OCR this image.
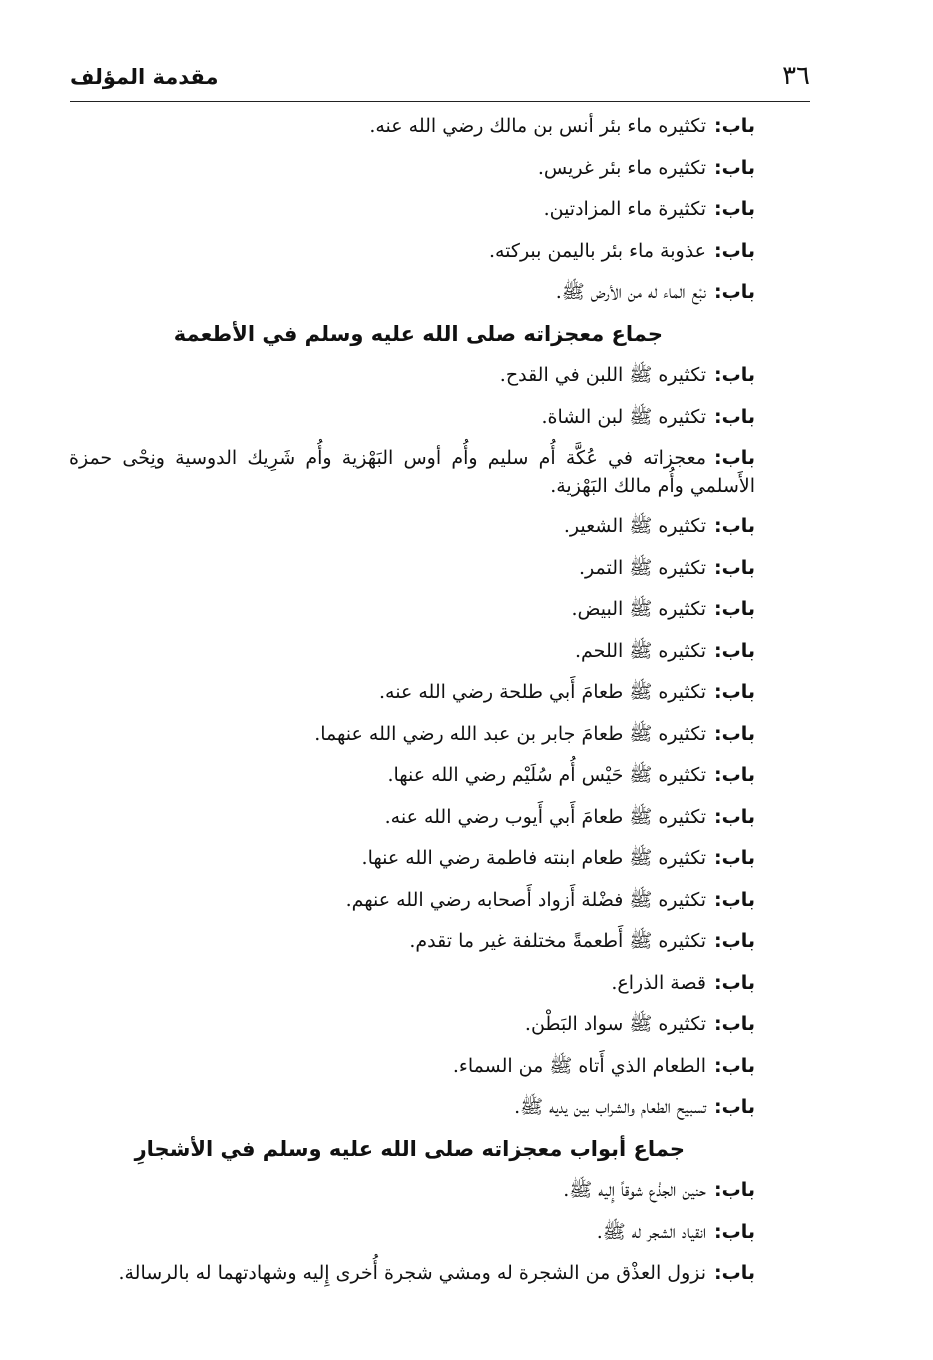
٣٦
مقدمة المؤلف
باب:تكثيره ماء بئر أنس بن مالك رضي الله عنه.
باب:تكثيره ماء بئر غريس.
باب:تكثيرة ماء المزادتين.
باب:عذوبة ماء بئر باليمن ببركته.
باب:نبْع الماء له من الأرض ﷺ.
جماع معجزاته صلى الله عليه وسلم في الأطعمة
باب:تكثيره ﷺ اللبن في القدح.
باب:تكثيره ﷺ لبن الشاة.
باب:معجزاته في عُكَّة أُم سليم وأُم أوس البَهْزية وأُم شَرِيك الدوسية ونِحْى حمزة الأَسلمي وأُم مالك البَهْزية.
باب:تكثيره ﷺ الشعير.
باب:تكثيره ﷺ التمر.
باب:تكثيره ﷺ البيض.
باب:تكثيره ﷺ اللحم.
باب:تكثيره ﷺ طعامَ أَبي طلحة رضي الله عنه.
باب:تكثيره ﷺ طعامَ جابر بن عبد الله رضي الله عنهما.
باب:تكثيره ﷺ حَيْس أُم سُلَيْم رضي الله عنها.
باب:تكثيره ﷺ طعامَ أَبي أَيوب رضي الله عنه.
باب:تكثيره ﷺ طعام ابنته فاطمة رضي الله عنها.
باب:تكثيره ﷺ فضْلة أَزواد أَصحابه رضي الله عنهم.
باب:تكثيره ﷺ أَطعمةً مختلفة غير ما تقدم.
باب:قصة الذراع.
باب:تكثيره ﷺ سواد البَطْن.
باب:الطعام الذي أَتاه ﷺ من السماء.
باب:تسبيح الطعام والشراب بين يديه ﷺ.
جماع أبواب معجزاته صلى الله عليه وسلم في الأشجارِ
باب:حنين الجذْع شوقاً إِليه ﷺ.
باب:انقياد الشجر له ﷺ.
باب:نزول العذْق من الشجرة له ومشي شجرة أُخرى إِليه وشهادتهما له بالرسالة.
